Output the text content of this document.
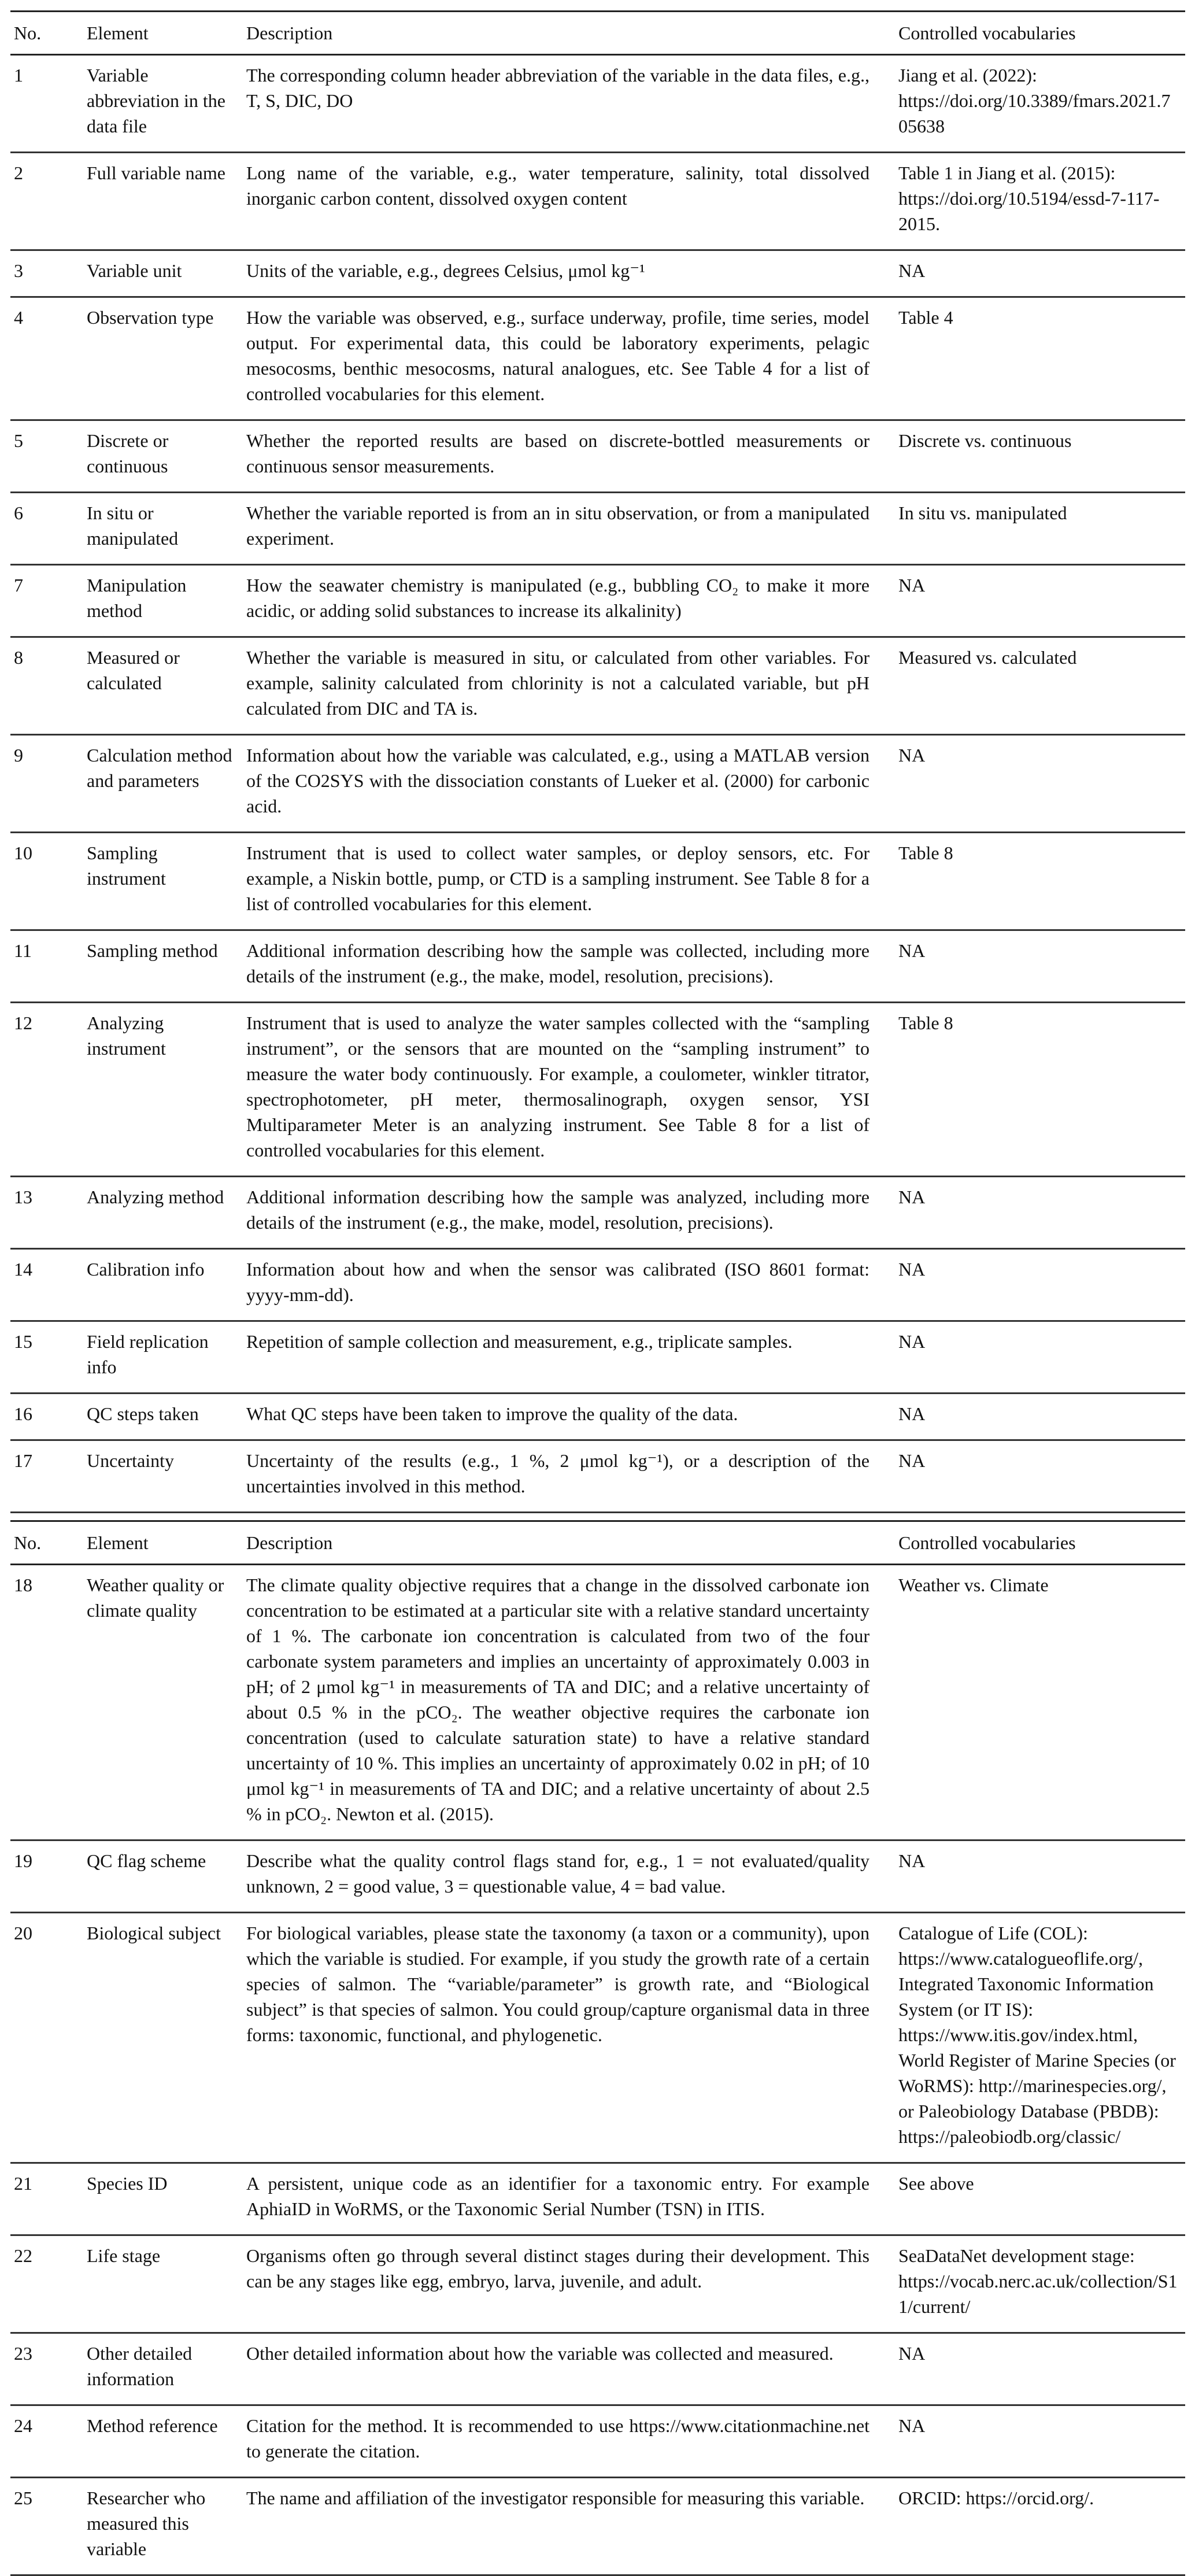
No.	Element	Description	Controlled vocabularies
1	Variable abbreviation in the data file	The corresponding column header abbreviation of the variable in the data files, e.g., T, S, DIC, DO	Jiang et al. (2022): https://doi.org/10.3389/fmars.2021.705638
2	Full variable name	Long name of the variable, e.g., water temperature, salinity, total dissolved inorganic carbon content, dissolved oxygen content	Table 1 in Jiang et al. (2015): https://doi.org/10.5194/essd-7-117-2015.
3	Variable unit	Units of the variable, e.g., degrees Celsius, μmol kg⁻¹	NA
4	Observation type	How the variable was observed, e.g., surface underway, profile, time series, model output. For experimental data, this could be laboratory experiments, pelagic mesocosms, benthic mesocosms, natural analogues, etc. See Table 4 for a list of controlled vocabularies for this element.	Table 4
5	Discrete or continuous	Whether the reported results are based on discrete-bottled measurements or continuous sensor measurements.	Discrete vs. continuous
6	In situ or manipulated	Whether the variable reported is from an in situ observation, or from a manipulated experiment.	In situ vs. manipulated
7	Manipulation method	How the seawater chemistry is manipulated (e.g., bubbling CO₂ to make it more acidic, or adding solid substances to increase its alkalinity)	NA
8	Measured or calculated	Whether the variable is measured in situ, or calculated from other variables. For example, salinity calculated from chlorinity is not a calculated variable, but pH calculated from DIC and TA is.	Measured vs. calculated
9	Calculation method and parameters	Information about how the variable was calculated, e.g., using a MATLAB version of the CO2SYS with the dissociation constants of Lueker et al. (2000) for carbonic acid.	NA
10	Sampling instrument	Instrument that is used to collect water samples, or deploy sensors, etc. For example, a Niskin bottle, pump, or CTD is a sampling instrument. See Table 8 for a list of controlled vocabularies for this element.	Table 8
11	Sampling method	Additional information describing how the sample was collected, including more details of the instrument (e.g., the make, model, resolution, precisions).	NA
12	Analyzing instrument	Instrument that is used to analyze the water samples collected with the “sampling instrument”, or the sensors that are mounted on the “sampling instrument” to measure the water body continuously. For example, a coulometer, winkler titrator, spectrophotometer, pH meter, thermosalinograph, oxygen sensor, YSI Multiparameter Meter is an analyzing instrument. See Table 8 for a list of controlled vocabularies for this element.	Table 8
13	Analyzing method	Additional information describing how the sample was analyzed, including more details of the instrument (e.g., the make, model, resolution, precisions).	NA
14	Calibration info	Information about how and when the sensor was calibrated (ISO 8601 format: yyyy-mm-dd).	NA
15	Field replication info	Repetition of sample collection and measurement, e.g., triplicate samples.	NA
16	QC steps taken	What QC steps have been taken to improve the quality of the data.	NA
17	Uncertainty	Uncertainty of the results (e.g., 1 %, 2 μmol kg⁻¹), or a description of the uncertainties involved in this method.	NA
No.	Element	Description	Controlled vocabularies
18	Weather quality or climate quality	The climate quality objective requires that a change in the dissolved carbonate ion concentration to be estimated at a particular site with a relative standard uncertainty of 1 %. The carbonate ion concentration is calculated from two of the four carbonate system parameters and implies an uncertainty of approximately 0.003 in pH; of 2 μmol kg⁻¹ in measurements of TA and DIC; and a relative uncertainty of about 0.5 % in the pCO₂. The weather objective requires the carbonate ion concentration (used to calculate saturation state) to have a relative standard uncertainty of 10 %. This implies an uncertainty of approximately 0.02 in pH; of 10 μmol kg⁻¹ in measurements of TA and DIC; and a relative uncertainty of about 2.5 % in pCO₂. Newton et al. (2015).	Weather vs. Climate
19	QC flag scheme	Describe what the quality control flags stand for, e.g., 1 = not evaluated/quality unknown, 2 = good value, 3 = questionable value, 4 = bad value.	NA
20	Biological subject	For biological variables, please state the taxonomy (a taxon or a community), upon which the variable is studied. For example, if you study the growth rate of a certain species of salmon. The “variable/parameter” is growth rate, and “Biological subject” is that species of salmon. You could group/capture organismal data in three forms: taxonomic, functional, and phylogenetic.	Catalogue of Life (COL): https://www.catalogueoflife.org/, Integrated Taxonomic Information System (or IT IS): https://www.itis.gov/index.html, World Register of Marine Species (or WoRMS): http://marinespecies.org/, or Paleobiology Database (PBDB): https://paleobiodb.org/classic/
21	Species ID	A persistent, unique code as an identifier for a taxonomic entry. For example AphiaID in WoRMS, or the Taxonomic Serial Number (TSN) in ITIS.	See above
22	Life stage	Organisms often go through several distinct stages during their development. This can be any stages like egg, embryo, larva, juvenile, and adult.	SeaDataNet development stage: https://vocab.nerc.ac.uk/collection/S11/current/
23	Other detailed information	Other detailed information about how the variable was collected and measured.	NA
24	Method reference	Citation for the method. It is recommended to use https://www.citationmachine.net to generate the citation.	NA
25	Researcher who measured this variable	The name and affiliation of the investigator responsible for measuring this variable.	ORCID: https://orcid.org/.
